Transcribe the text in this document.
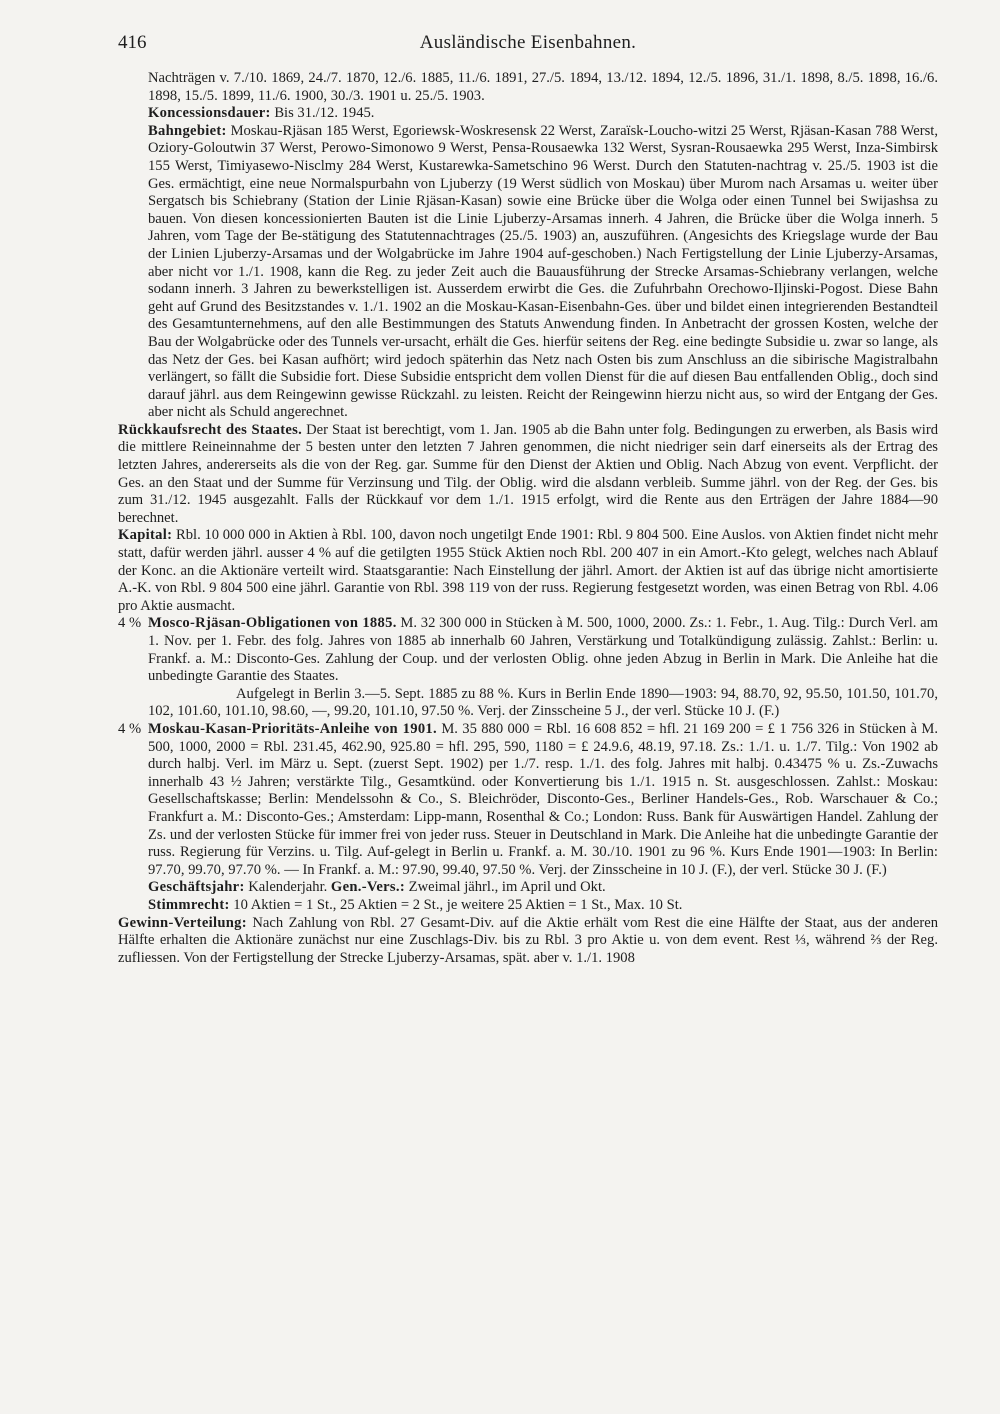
416	Ausländische Eisenbahnen.

Nachträgen v. 7./10. 1869, 24./7. 1870, 12./6. 1885, 11./6. 1891, 27./5. 1894, 13./12. 1894, 12./5. 1896, 31./1. 1898, 8./5. 1898, 16./6. 1898, 15./5. 1899, 11./6. 1900, 30./3. 1901 u. 25./5. 1903.

Koncessionsdauer: Bis 31./12. 1945.

Bahngebiet: Moskau-Rjäsan 185 Werst, Egoriewsk-Woskresensk 22 Werst, Zaraïsk-Loucho-witzi 25 Werst, Rjäsan-Kasan 788 Werst, Oziory-Goloutwin 37 Werst, Perowo-Simonowo 9 Werst, Pensa-Rousaewka 132 Werst, Sysran-Rousaewka 295 Werst, Inza-Simbirsk 155 Werst, Timiyasewo-Nisclmy 284 Werst, Kustarewka-Sametschino 96 Werst. Durch den Statuten-nachtrag v. 25./5. 1903 ist die Ges. ermächtigt, eine neue Normalspurbahn von Ljuberzy (19 Werst südlich von Moskau) über Murom nach Arsamas u. weiter über Sergatsch bis Schiebrany (Station der Linie Rjäsan-Kasan) sowie eine Brücke über die Wolga oder einen Tunnel bei Swijashsa zu bauen. Von diesen koncessionierten Bauten ist die Linie Ljuberzy-Arsamas innerh. 4 Jahren, die Brücke über die Wolga innerh. 5 Jahren, vom Tage der Be-stätigung des Statutennachtrages (25./5. 1903) an, auszuführen. (Angesichts des Kriegslage wurde der Bau der Linien Ljuberzy-Arsamas und der Wolgabrücke im Jahre 1904 auf-geschoben.) Nach Fertigstellung der Linie Ljuberzy-Arsamas, aber nicht vor 1./1. 1908, kann die Reg. zu jeder Zeit auch die Bauausführung der Strecke Arsamas-Schiebrany verlangen, welche sodann innerh. 3 Jahren zu bewerkstelligen ist. Ausserdem erwirbt die Ges. die Zufuhrbahn Orechowo-Iljinski-Pogost. Diese Bahn geht auf Grund des Besitzstandes v. 1./1. 1902 an die Moskau-Kasan-Eisenbahn-Ges. über und bildet einen integrierenden Bestandteil des Gesamtunternehmens, auf den alle Bestimmungen des Statuts Anwendung finden. In Anbetracht der grossen Kosten, welche der Bau der Wolgabrücke oder des Tunnels ver-ursacht, erhält die Ges. hierfür seitens der Reg. eine bedingte Subsidie u. zwar so lange, als das Netz der Ges. bei Kasan aufhört; wird jedoch späterhin das Netz nach Osten bis zum Anschluss an die sibirische Magistralbahn verlängert, so fällt die Subsidie fort. Diese Subsidie entspricht dem vollen Dienst für die auf diesen Bau entfallenden Oblig., doch sind darauf jährl. aus dem Reingewinn gewisse Rückzahl. zu leisten. Reicht der Reingewinn hierzu nicht aus, so wird der Entgang der Ges. aber nicht als Schuld angerechnet.

Rückkaufsrecht des Staates. Der Staat ist berechtigt, vom 1. Jan. 1905 ab die Bahn unter folg. Bedingungen zu erwerben, als Basis wird die mittlere Reineinnahme der 5 besten unter den letzten 7 Jahren genommen, die nicht niedriger sein darf einerseits als der Ertrag des letzten Jahres, andererseits als die von der Reg. gar. Summe für den Dienst der Aktien und Oblig. Nach Abzug von event. Verpflicht. der Ges. an den Staat und der Summe für Verzinsung und Tilg. der Oblig. wird die alsdann verbleib. Summe jährl. von der Reg. der Ges. bis zum 31./12. 1945 ausgezahlt. Falls der Rückkauf vor dem 1./1. 1915 erfolgt, wird die Rente aus den Erträgen der Jahre 1884—90 berechnet.

Kapital: Rbl. 10 000 000 in Aktien à Rbl. 100, davon noch ungetilgt Ende 1901: Rbl. 9 804 500. Eine Auslos. von Aktien findet nicht mehr statt, dafür werden jährl. ausser 4 % auf die getilgten 1955 Stück Aktien noch Rbl. 200 407 in ein Amort.-Kto gelegt, welches nach Ablauf der Konc. an die Aktionäre verteilt wird. Staatsgarantie: Nach Einstellung der jährl. Amort. der Aktien ist auf das übrige nicht amortisierte A.-K. von Rbl. 9 804 500 eine jährl. Garantie von Rbl. 398 119 von der russ. Regierung festgesetzt worden, was einen Betrag von Rbl. 4.06 pro Aktie ausmacht.

4 % Mosco-Rjäsan-Obligationen von 1885. M. 32 300 000 in Stücken à M. 500, 1000, 2000. Zs.: 1. Febr., 1. Aug. Tilg.: Durch Verl. am 1. Nov. per 1. Febr. des folg. Jahres von 1885 ab innerhalb 60 Jahren, Verstärkung und Totalkündigung zulässig. Zahlst.: Berlin: u. Frankf. a. M.: Disconto-Ges. Zahlung der Coup. und der verlosten Oblig. ohne jeden Abzug in Berlin in Mark. Die Anleihe hat die unbedingte Garantie des Staates.

Aufgelegt in Berlin 3.—5. Sept. 1885 zu 88 %. Kurs in Berlin Ende 1890—1903: 94, 88.70, 92, 95.50, 101.50, 101.70, 102, 101.60, 101.10, 98.60, —, 99.20, 101.10, 97.50 %. Verj. der Zinsscheine 5 J., der verl. Stücke 10 J. (F.)

4 % Moskau-Kasan-Prioritäts-Anleihe von 1901. M. 35 880 000 = Rbl. 16 608 852 = hfl. 21 169 200 = £ 1 756 326 in Stücken à M. 500, 1000, 2000 = Rbl. 231.45, 462.90, 925.80 = hfl. 295, 590, 1180 = £ 24.9.6, 48.19, 97.18. Zs.: 1./1. u. 1./7. Tilg.: Von 1902 ab durch halbj. Verl. im März u. Sept. (zuerst Sept. 1902) per 1./7. resp. 1./1. des folg. Jahres mit halbj. 0.43475 % u. Zs.-Zuwachs innerhalb 43 ½ Jahren; verstärkte Tilg., Gesamtkünd. oder Konvertierung bis 1./1. 1915 n. St. ausgeschlossen. Zahlst.: Moskau: Gesellschaftskasse; Berlin: Mendelssohn & Co., S. Bleichröder, Disconto-Ges., Berliner Handels-Ges., Rob. Warschauer & Co.; Frankfurt a. M.: Disconto-Ges.; Amsterdam: Lipp-mann, Rosenthal & Co.; London: Russ. Bank für Auswärtigen Handel. Zahlung der Zs. und der verlosten Stücke für immer frei von jeder russ. Steuer in Deutschland in Mark. Die Anleihe hat die unbedingte Garantie der russ. Regierung für Verzins. u. Tilg. Auf-gelegt in Berlin u. Frankf. a. M. 30./10. 1901 zu 96 %. Kurs Ende 1901—1903: In Berlin: 97.70, 99.70, 97.70 %. — In Frankf. a. M.: 97.90, 99.40, 97.50 %. Verj. der Zinsscheine in 10 J. (F.), der verl. Stücke 30 J. (F.)

Geschäftsjahr: Kalenderjahr. Gen.-Vers.: Zweimal jährl., im April und Okt.

Stimmrecht: 10 Aktien = 1 St., 25 Aktien = 2 St., je weitere 25 Aktien = 1 St., Max. 10 St.

Gewinn-Verteilung: Nach Zahlung von Rbl. 27 Gesamt-Div. auf die Aktie erhält vom Rest die eine Hälfte der Staat, aus der anderen Hälfte erhalten die Aktionäre zunächst nur eine Zuschlags-Div. bis zu Rbl. 3 pro Aktie u. von dem event. Rest ⅓, während ⅔ der Reg. zufliessen. Von der Fertigstellung der Strecke Ljuberzy-Arsamas, spät. aber v. 1./1. 1908
